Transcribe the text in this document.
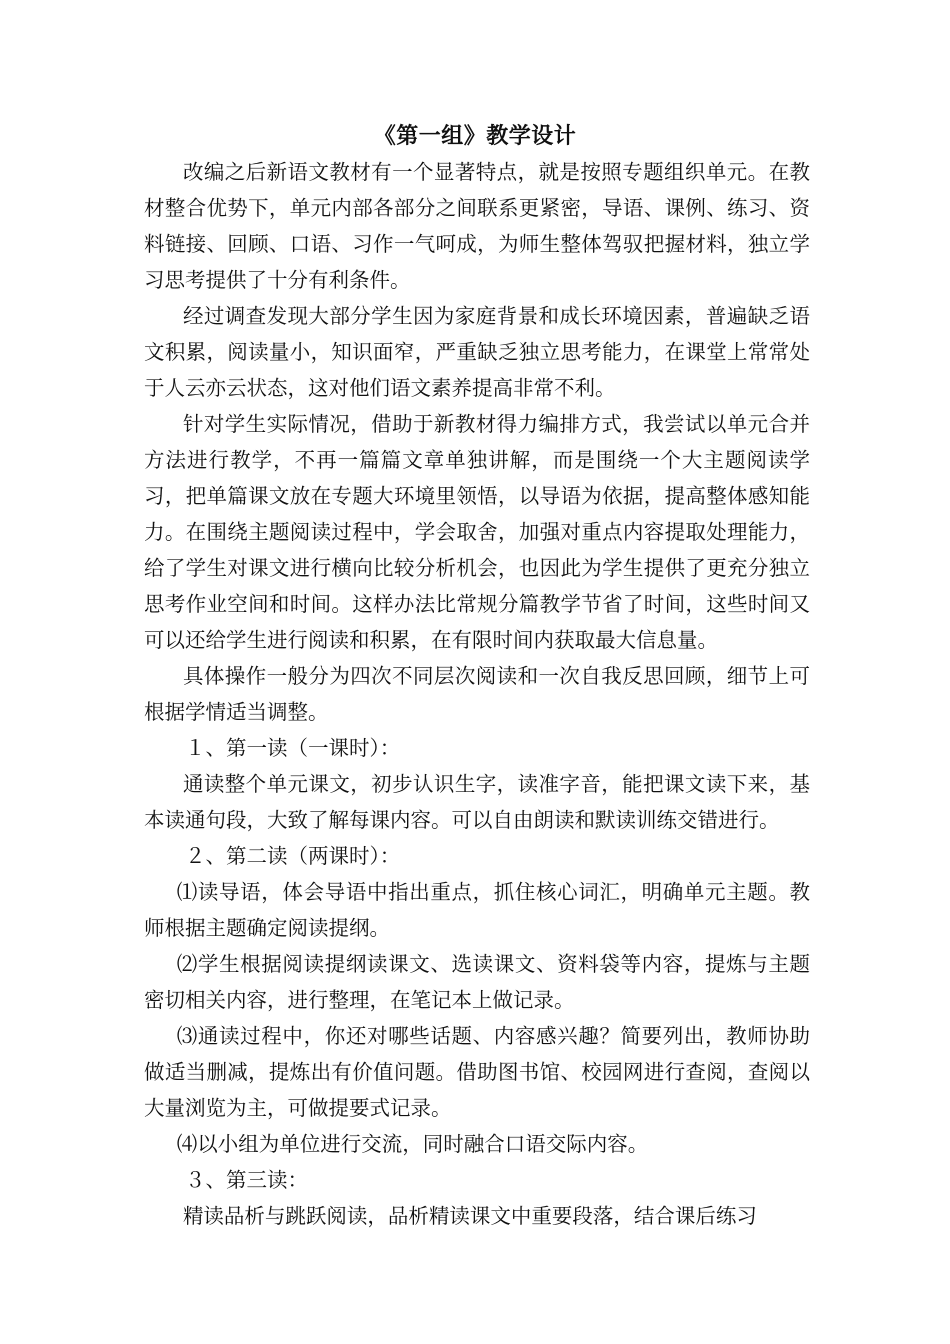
《第一组》教学设计

改编之后新语文教材有一个显著特点，就是按照专题组织单元。在教材整合优势下，单元内部各部分之间联系更紧密，导语、课例、练习、资料链接、回顾、口语、习作一气呵成，为师生整体驾驭把握材料，独立学习思考提供了十分有利条件。

经过调查发现大部分学生因为家庭背景和成长环境因素，普遍缺乏语文积累，阅读量小，知识面窄，严重缺乏独立思考能力，在课堂上常常处于人云亦云状态，这对他们语文素养提高非常不利。

针对学生实际情况，借助于新教材得力编排方式，我尝试以单元合并方法进行教学，不再一篇篇文章单独讲解，而是围绕一个大主题阅读学习，把单篇课文放在专题大环境里领悟，以导语为依据，提高整体感知能力。在围绕主题阅读过程中，学会取舍，加强对重点内容提取处理能力，给了学生对课文进行横向比较分析机会，也因此为学生提供了更充分独立思考作业空间和时间。这样办法比常规分篇教学节省了时间，这些时间又可以还给学生进行阅读和积累，在有限时间内获取最大信息量。

具体操作一般分为四次不同层次阅读和一次自我反思回顾，细节上可根据学情适当调整。

１、第一读（一课时）：

通读整个单元课文，初步认识生字，读准字音，能把课文读下来，基本读通句段，大致了解每课内容。可以自由朗读和默读训练交错进行。

２、第二读（两课时）：

⑴读导语，体会导语中指出重点，抓住核心词汇，明确单元主题。教师根据主题确定阅读提纲。

⑵学生根据阅读提纲读课文、选读课文、资料袋等内容，提炼与主题密切相关内容，进行整理，在笔记本上做记录。

⑶通读过程中，你还对哪些话题、内容感兴趣？简要列出，教师协助做适当删减，提炼出有价值问题。借助图书馆、校园网进行查阅，查阅以大量浏览为主，可做提要式记录。

⑷以小组为单位进行交流，同时融合口语交际内容。

３、第三读：

精读品析与跳跃阅读，品析精读课文中重要段落，结合课后练习
